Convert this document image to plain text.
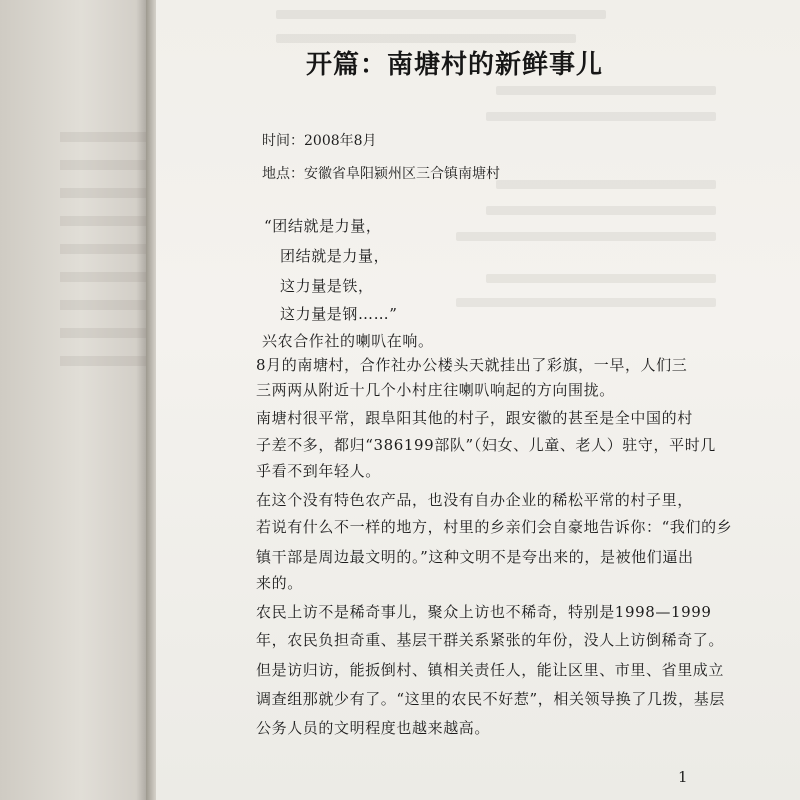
开篇：南塘村的新鲜事儿
时间：2008年8月
地点：安徽省阜阳颍州区三合镇南塘村
“团结就是力量，
团结就是力量，
这力量是铁，
这力量是钢……”
兴农合作社的喇叭在响。
8月的南塘村，合作社办公楼头天就挂出了彩旗，一早，人们三
三两两从附近十几个小村庄往喇叭响起的方向围拢。
南塘村很平常，跟阜阳其他的村子，跟安徽的甚至是全中国的村
子差不多，都归“386199部队”（妇女、儿童、老人）驻守，平时几
乎看不到年轻人。
在这个没有特色农产品，也没有自办企业的稀松平常的村子里，
若说有什么不一样的地方，村里的乡亲们会自豪地告诉你：“我们的乡
镇干部是周边最文明的。”这种文明不是夸出来的，是被他们逼出
来的。
农民上访不是稀奇事儿，聚众上访也不稀奇，特别是1998—1999
年，农民负担奇重、基层干群关系紧张的年份，没人上访倒稀奇了。
但是访归访，能扳倒村、镇相关责任人，能让区里、市里、省里成立
调查组那就少有了。“这里的农民不好惹”，相关领导换了几拨，基层
公务人员的文明程度也越来越高。
1
